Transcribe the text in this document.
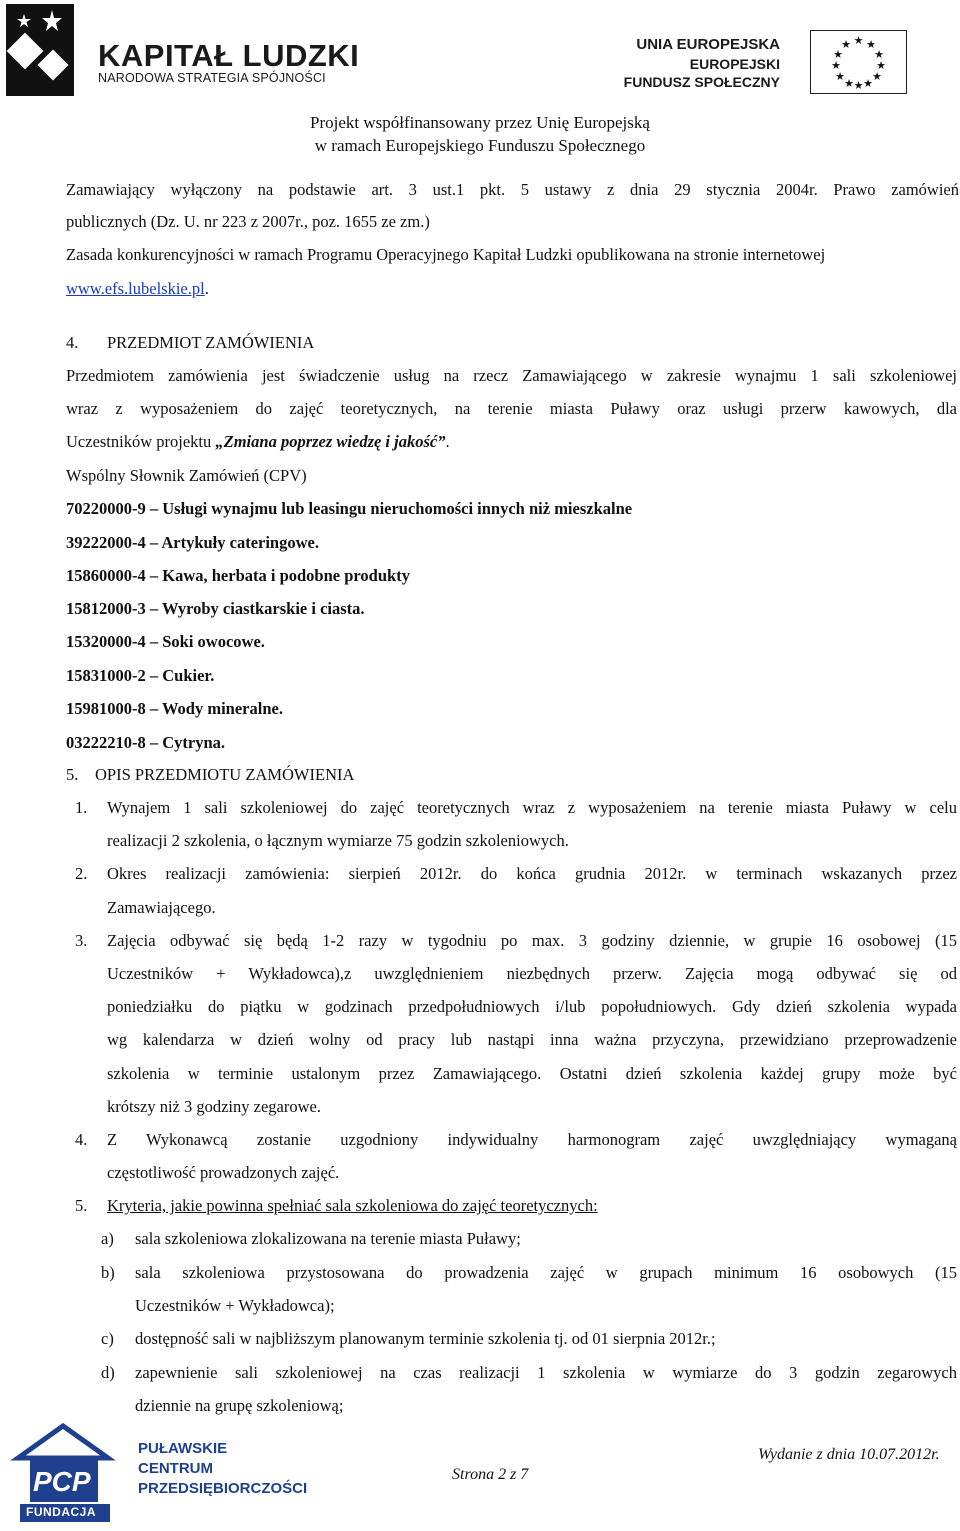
KAPITAŁ LUDZKI
NARODOWA STRATEGIA SPÓJNOŚCI
UNIA EUROPEJSKA
EUROPEJSKI
FUNDUSZ SPOŁECZNY
★ ★
★
★
★
★
★
★
★
★
★
★
Projekt współfinansowany przez Unię Europejską
w ramach Europejskiego Funduszu Społecznego
Zamawiający wyłączony na podstawie art. 3 ust.1 pkt. 5 ustawy z dnia 29 stycznia 2004r. Prawo zamówień
publicznych (Dz. U. nr 223 z 2007r., poz. 1655 ze zm.)
Zasada konkurencyjności w ramach Programu Operacyjnego Kapitał Ludzki opublikowana na stronie internetowej
www.efs.lubelskie.pl.
4. PRZEDMIOT ZAMÓWIENIA
Przedmiotem zamówienia jest świadczenie usług na rzecz Zamawiającego w zakresie wynajmu 1 sali szkoleniowej
wraz z wyposażeniem do zajęć teoretycznych, na terenie miasta Puławy oraz usługi przerw kawowych, dla
Uczestników projektu „Zmiana poprzez wiedzę i jakość”.
Wspólny Słownik Zamówień (CPV)
70220000-9 – Usługi wynajmu lub leasingu nieruchomości innych niż mieszkalne
39222000-4 – Artykuły cateringowe.
15860000-4 – Kawa, herbata i podobne produkty
15812000-3 – Wyroby ciastkarskie i ciasta.
15320000-4 – Soki owocowe.
15831000-2 – Cukier.
15981000-8 – Wody mineralne.
03222210-8 – Cytryna.
5. OPIS PRZEDMIOTU ZAMÓWIENIA
1. Wynajem 1 sali szkoleniowej do zajęć teoretycznych wraz z wyposażeniem na terenie miasta Puławy w celu
realizacji 2 szkolenia, o łącznym wymiarze 75 godzin szkoleniowych.
2. Okres realizacji zamówienia: sierpień 2012r. do końca grudnia 2012r. w terminach wskazanych przez
Zamawiającego.
3. Zajęcia odbywać się będą 1-2 razy w tygodniu po max. 3 godziny dziennie, w grupie 16 osobowej (15
Uczestników + Wykładowca),z uwzględnieniem niezbędnych przerw. Zajęcia mogą odbywać się od
poniedziałku do piątku w godzinach przedpołudniowych i/lub popołudniowych. Gdy dzień szkolenia wypada
wg kalendarza w dzień wolny od pracy lub nastąpi inna ważna przyczyna, przewidziano przeprowadzenie
szkolenia w terminie ustalonym przez Zamawiającego. Ostatni dzień szkolenia każdej grupy może być
krótszy niż 3 godziny zegarowe.
4. Z Wykonawcą zostanie uzgodniony indywidualny harmonogram zajęć uwzględniający wymaganą
częstotliwość prowadzonych zajęć.
5. Kryteria, jakie powinna spełniać sala szkoleniowa do zajęć teoretycznych:
a) sala szkoleniowa zlokalizowana na terenie miasta Puławy;
b) sala szkoleniowa przystosowana do prowadzenia zajęć w grupach minimum 16 osobowych (15
Uczestników + Wykładowca);
c) dostępność sali w najbliższym planowanym terminie szkolenia tj. od 01 sierpnia 2012r.;
d) zapewnienie sali szkoleniowej na czas realizacji 1 szkolenia w wymiarze do 3 godzin zegarowych
dziennie na grupę szkoleniową;
PCP
FUNDACJA
PUŁAWSKIE
CENTRUM
PRZEDSIĘBIORCZOŚCI
Strona 2 z 7
Wydanie z dnia 10.07.2012r.
